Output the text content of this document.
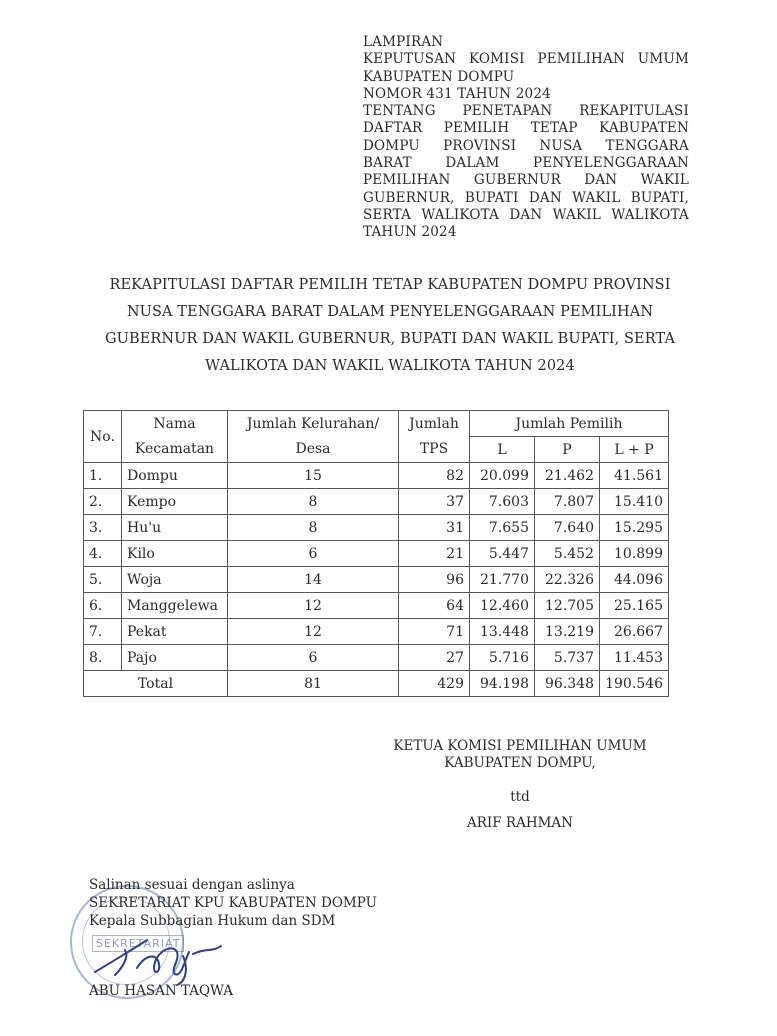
LAMPIRAN
KEPUTUSAN KOMISI PEMILIHAN UMUM
KABUPATEN DOMPU
NOMOR 431 TAHUN 2024
TENTANG PENETAPAN REKAPITULASI
DAFTAR PEMILIH TETAP KABUPATEN
DOMPU PROVINSI NUSA TENGGARA
BARAT DALAM PENYELENGGARAAN
PEMILIHAN GUBERNUR DAN WAKIL
GUBERNUR, BUPATI DAN WAKIL BUPATI,
SERTA WALIKOTA DAN WAKIL WALIKOTA
TAHUN 2024
REKAPITULASI DAFTAR PEMILIH TETAP KABUPATEN DOMPU PROVINSI
NUSA TENGGARA BARAT DALAM PENYELENGGARAAN PEMILIHAN
GUBERNUR DAN WAKIL GUBERNUR, BUPATI DAN WAKIL BUPATI, SERTA
WALIKOTA DAN WAKIL WALIKOTA TAHUN 2024
No.	Nama	Jumlah Kelurahan/	Jumlah	Jumlah Pemilih		
	Kecamatan	Desa	TPS	L	P	L + P
1.	Dompu	15	82	20.099	21.462	41.561
2.	Kempo	8	37	7.603	7.807	15.410
3.	Hu'u	8	31	7.655	7.640	15.295
4.	Kilo	6	21	5.447	5.452	10.899
5.	Woja	14	96	21.770	22.326	44.096
6.	Manggelewa	12	64	12.460	12.705	25.165
7.	Pekat	12	71	13.448	13.219	26.667
8.	Pajo	6	27	5.716	5.737	11.453
Total		81	429	94.198	96.348	190.546
KETUA KOMISI PEMILIHAN UMUM
KABUPATEN DOMPU,
ttd
ARIF RAHMAN
SEKRETARIAT
Salinan sesuai dengan aslinya
SEKRETARIAT KPU KABUPATEN DOMPU
Kepala Subbagian Hukum dan SDM
ABU HASAN TAQWA
